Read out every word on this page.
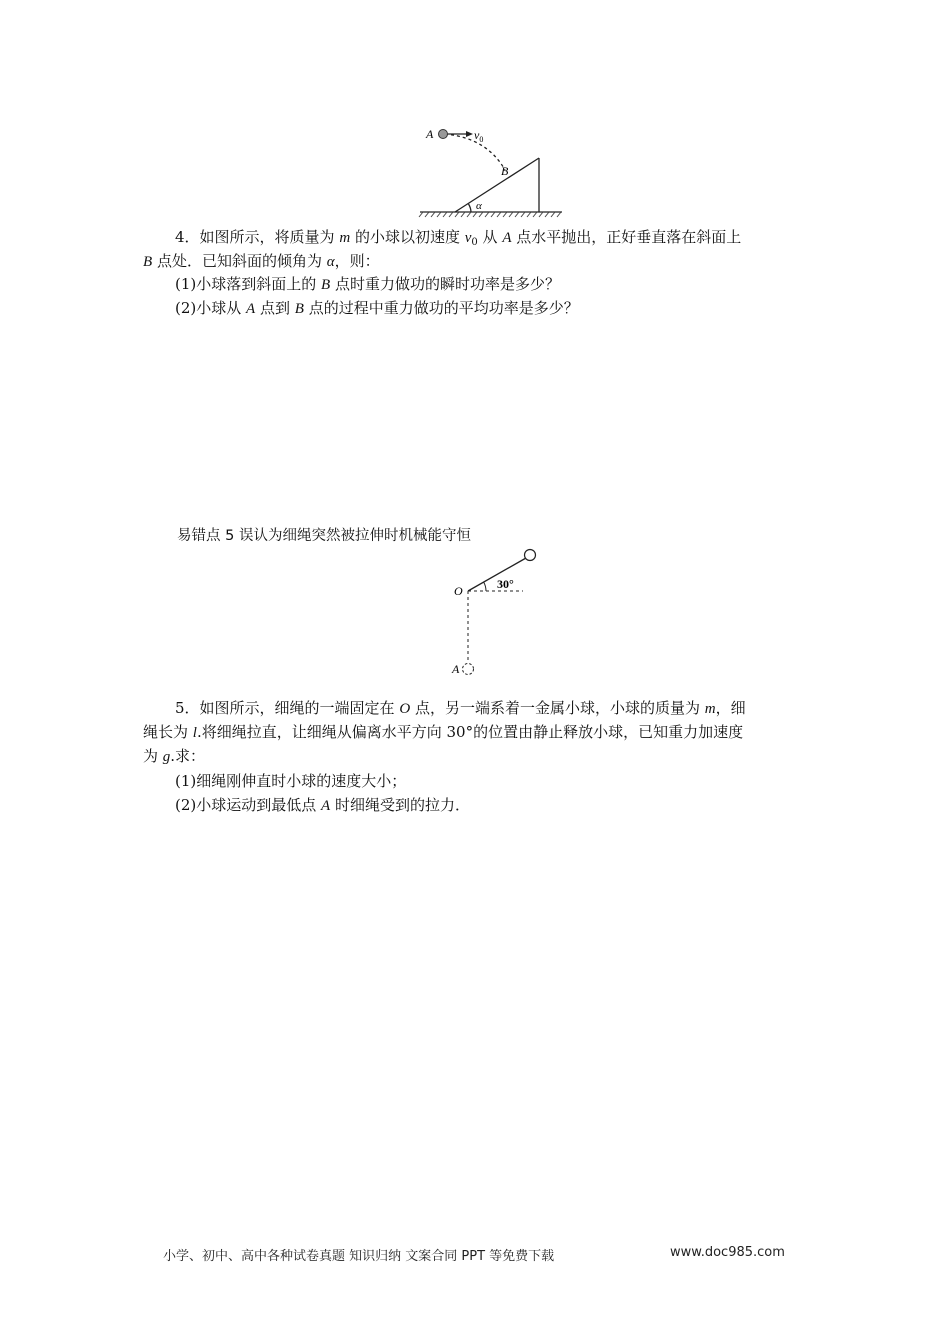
A	$v_0$
B
α
4．如图所示，将质量为 m 的小球以初速度 $v_0$ 从 A 点水平抛出，正好垂直落在斜面上
B 点处．已知斜面的倾角为 α，则：
(1)小球落到斜面上的 B 点时重力做功的瞬时功率是多少？
(2)小球从 A 点到 B 点的过程中重力做功的平均功率是多少？
易错点 5 误认为细绳突然被拉伸时机械能守恒
O	30°
A
5．如图所示，细绳的一端固定在 O 点，另一端系着一金属小球，小球的质量为 m，细
绳长为 l.将细绳拉直，让细绳从偏离水平方向 30°的位置由静止释放小球，已知重力加速度
为 g.求：
(1)细绳刚伸直时小球的速度大小；
(2)小球运动到最低点 A 时细绳受到的拉力．
小学、初中、高中各种试卷真题 知识归纳 文案合同 PPT 等免费下载	www.doc985.com
